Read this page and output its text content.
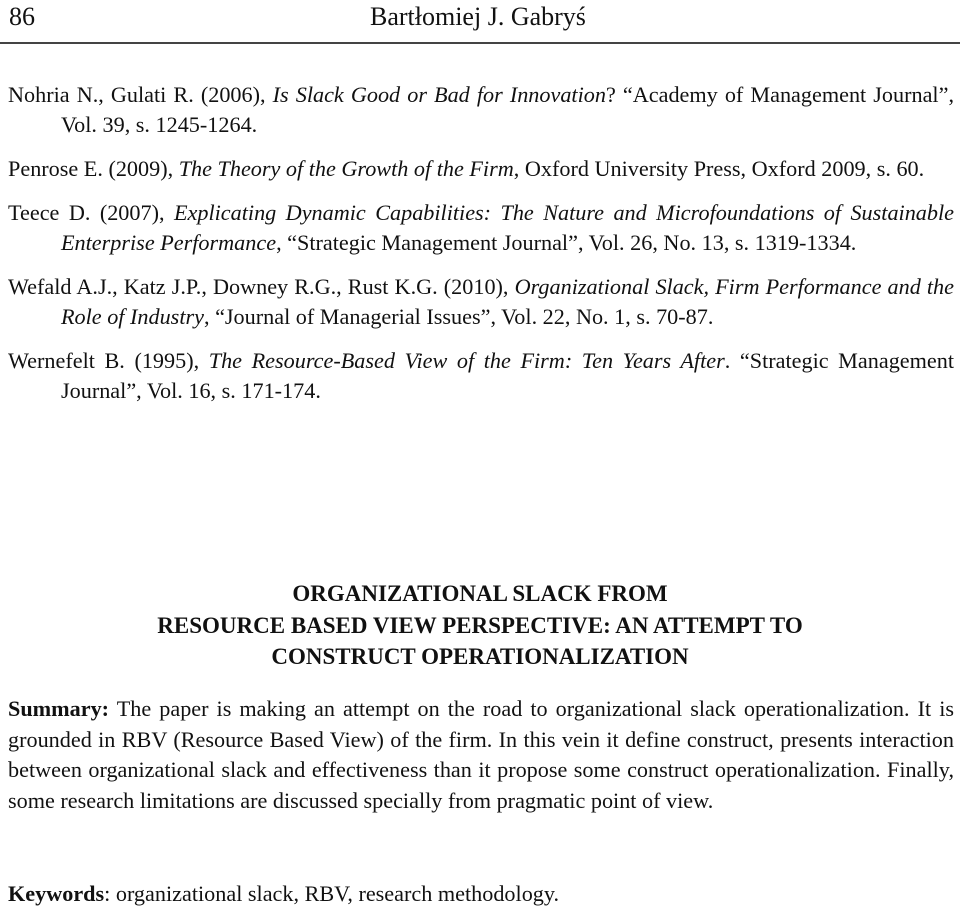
86	Bartłomiej J. Gabryś

Nohria N., Gulati R. (2006), Is Slack Good or Bad for Innovation? “Academy of Management Journal”, Vol. 39, s. 1245-1264.

Penrose E. (2009), The Theory of the Growth of the Firm, Oxford University Press, Oxford 2009, s. 60.

Teece D. (2007), Explicating Dynamic Capabilities: The Nature and Microfoundations of Sustainable Enterprise Performance, “Strategic Management Journal”, Vol. 26, No. 13, s. 1319-1334.

Wefald A.J., Katz J.P., Downey R.G., Rust K.G. (2010), Organizational Slack, Firm Performance and the Role of Industry, “Journal of Managerial Issues”, Vol. 22, No. 1, s. 70-87.

Wernefelt B. (1995), The Resource-Based View of the Firm: Ten Years After. “Strategic Management Journal”, Vol. 16, s. 171-174.

ORGANIZATIONAL SLACK FROM
RESOURCE BASED VIEW PERSPECTIVE: AN ATTEMPT TO
CONSTRUCT OPERATIONALIZATION

Summary: The paper is making an attempt on the road to organizational slack operationalization. It is grounded in RBV (Resource Based View) of the firm. In this vein it define construct, presents interaction between organizational slack and effectiveness than it propose some construct operationalization. Finally, some research limitations are discussed specially from pragmatic point of view.

Keywords: organizational slack, RBV, research methodology.
